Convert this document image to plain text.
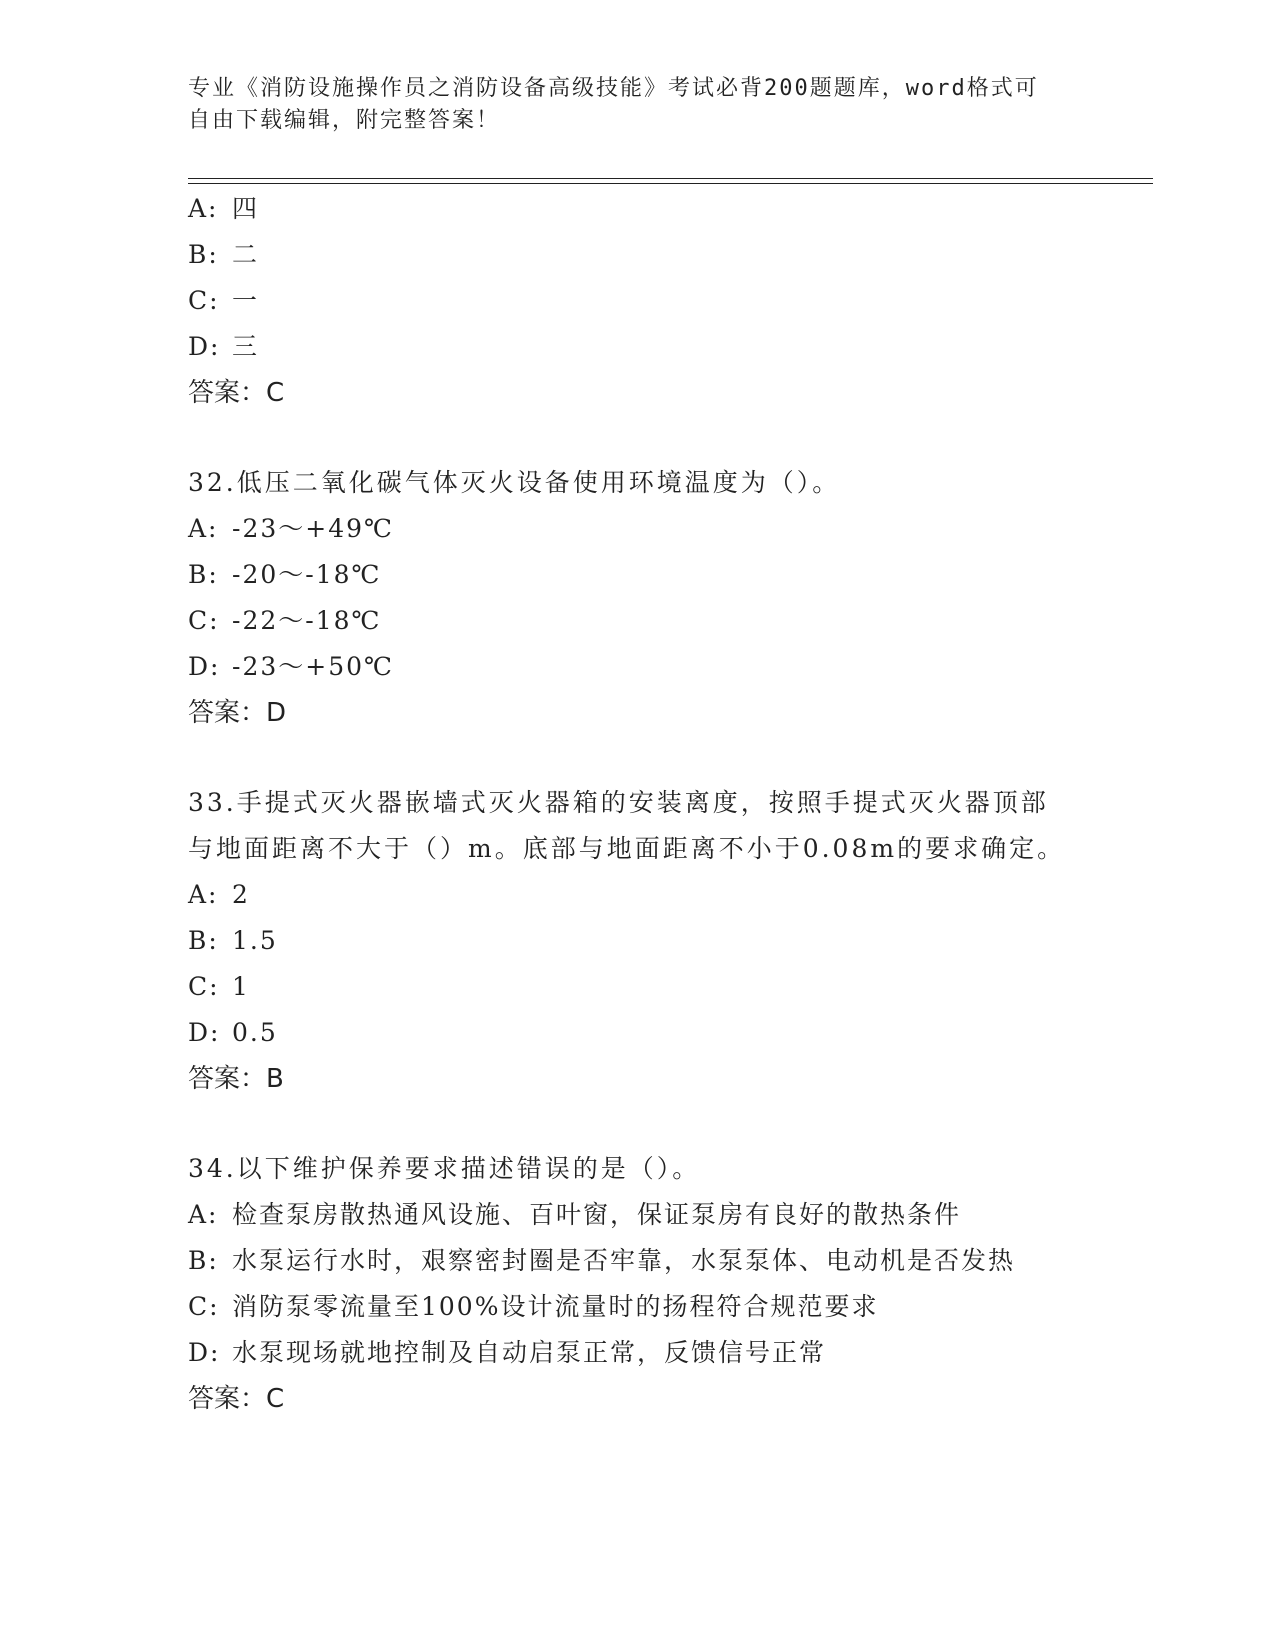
专业《消防设施操作员之消防设备高级技能》考试必背200题题库，word格式可
自由下载编辑，附完整答案！
A: 四
B: 二
C: 一
D: 三
答案：C
32.低压二氧化碳气体灭火设备使用环境温度为（）。
A: -23～+49℃
B: -20～-18℃
C: -22～-18℃
D: -23～+50℃
答案：D
33.手提式灭火器嵌墙式灭火器箱的安装离度，按照手提式灭火器顶部
与地面距离不大于（）m。底部与地面距离不小于0.08m的要求确定。
A: 2
B: 1.5
C: 1
D: 0.5
答案：B
34.以下维护保养要求描述错误的是（）。
A: 检查泵房散热通风设施、百叶窗，保证泵房有良好的散热条件
B: 水泵运行水时，艰察密封圈是否牢靠，水泵泵体、电动机是否发热
C: 消防泵零流量至100%设计流量时的扬程符合规范要求
D: 水泵现场就地控制及自动启泵正常，反馈信号正常
答案：C
